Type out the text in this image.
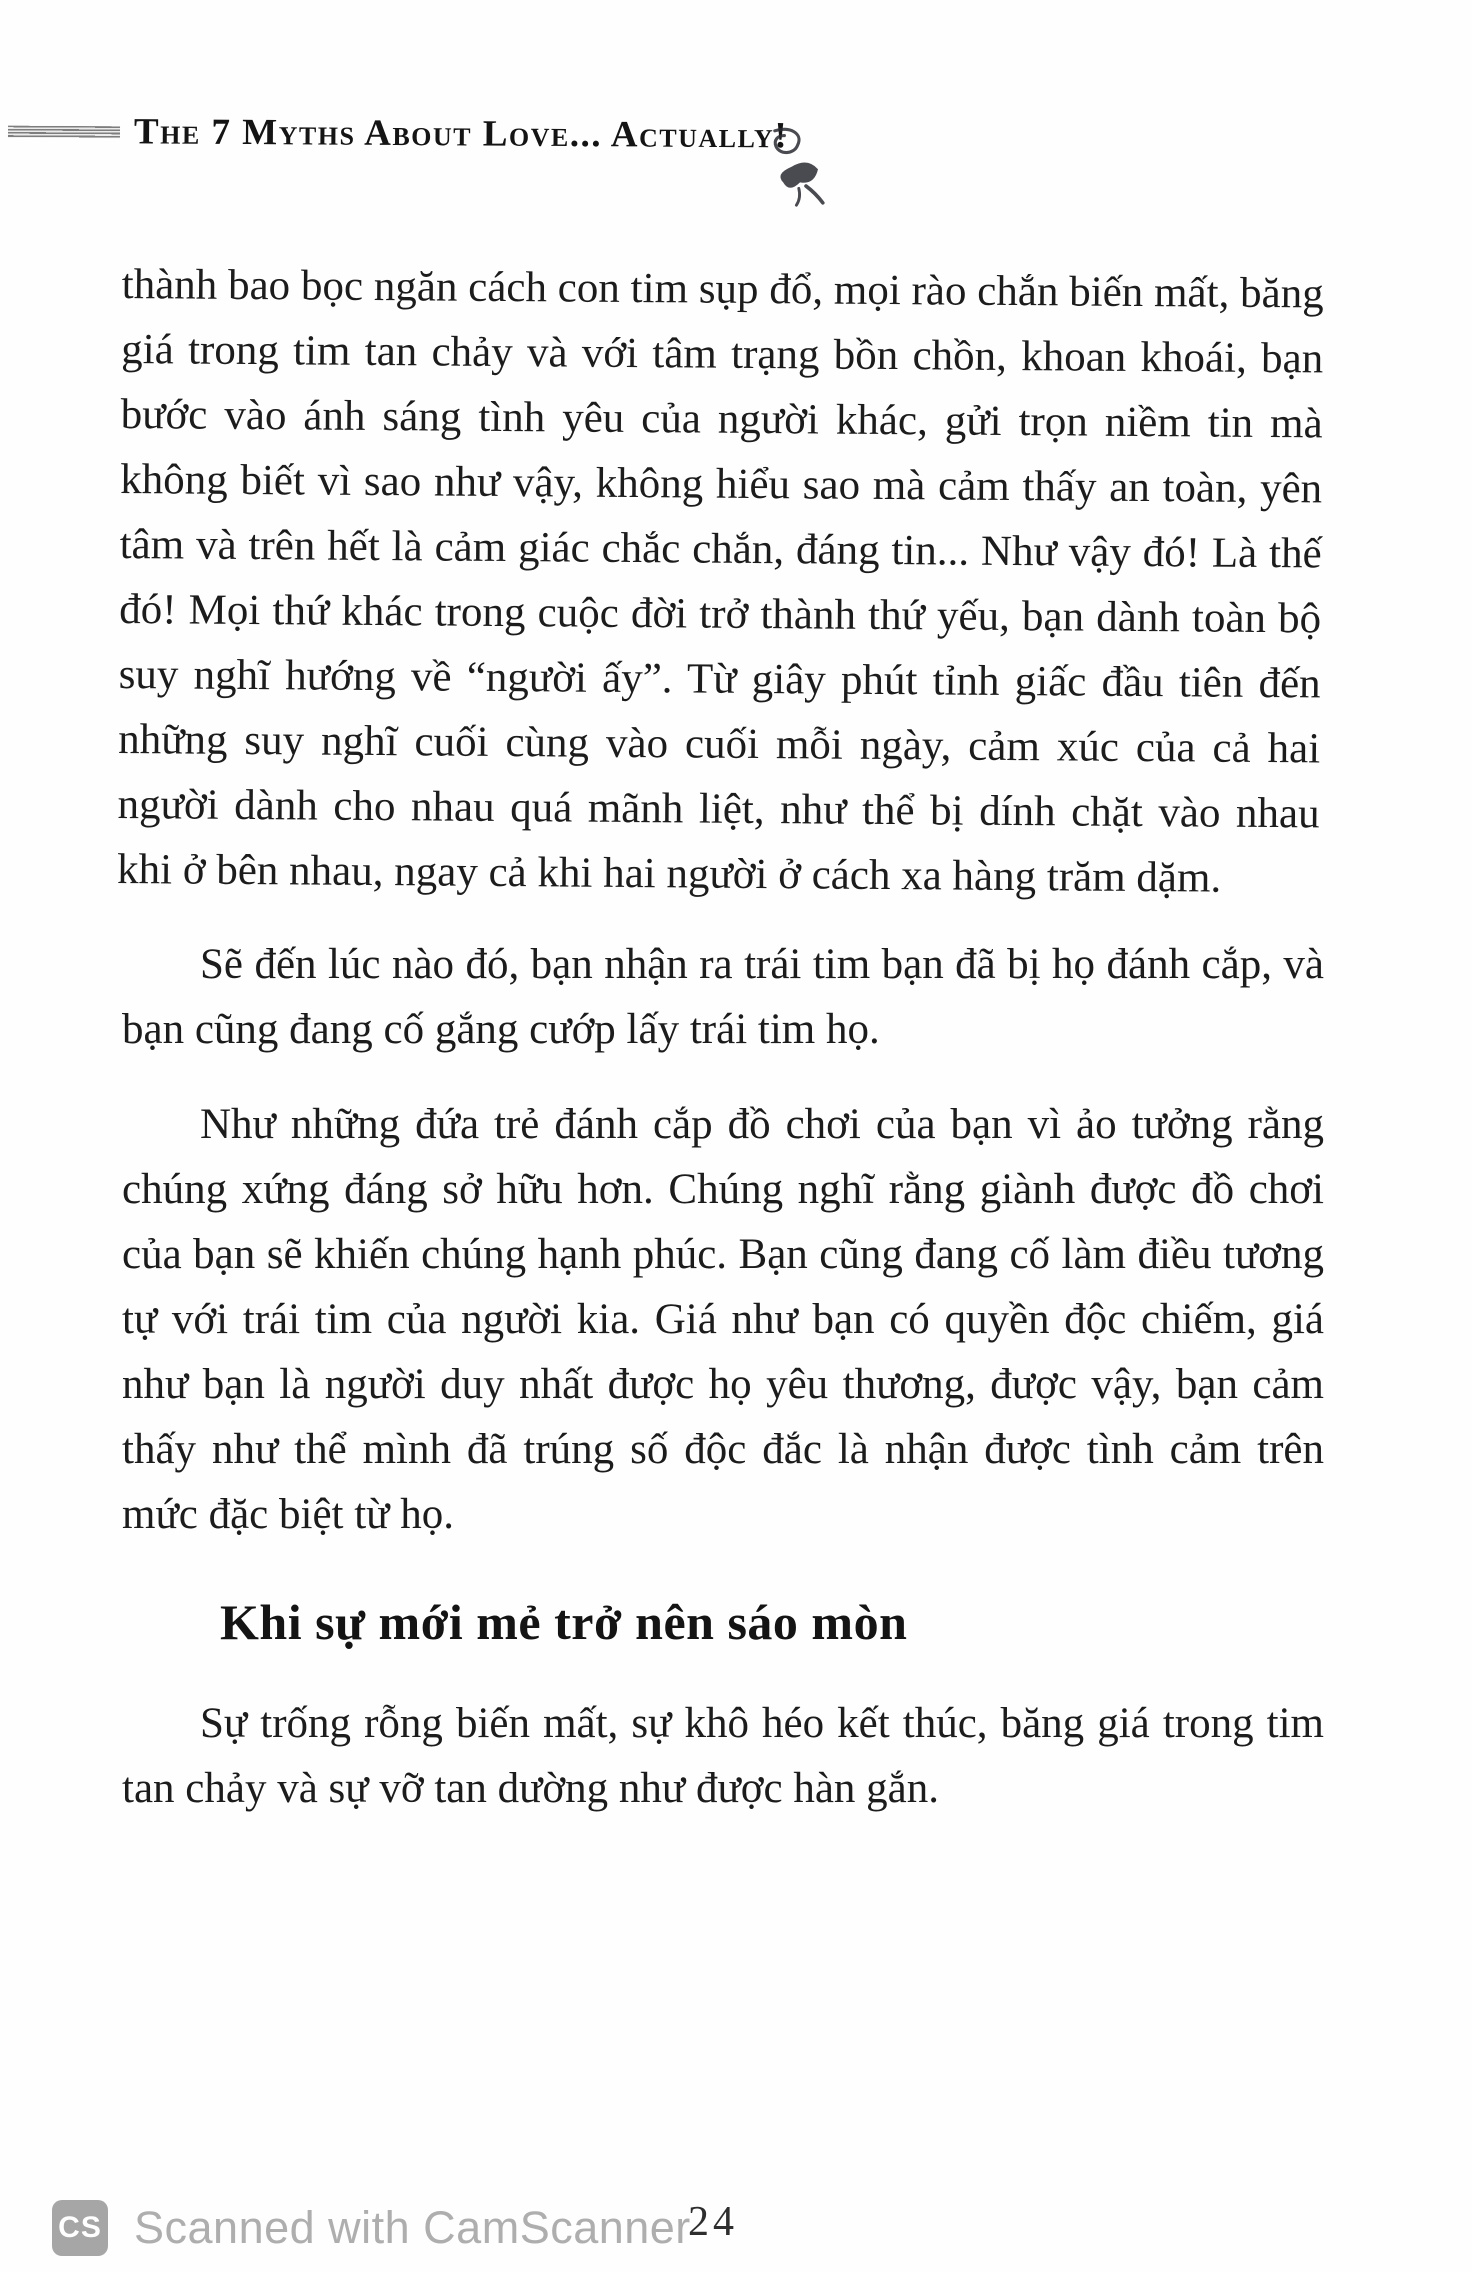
The 7 Myths About Love... Actually!

thành bao bọc ngăn cách con tim sụp đổ, mọi rào chắn biến mất, băng giá trong tim tan chảy và với tâm trạng bồn chồn, khoan khoái, bạn bước vào ánh sáng tình yêu của người khác, gửi trọn niềm tin mà không biết vì sao như vậy, không hiểu sao mà cảm thấy an toàn, yên tâm và trên hết là cảm giác chắc chắn, đáng tin... Như vậy đó! Là thế đó! Mọi thứ khác trong cuộc đời trở thành thứ yếu, bạn dành toàn bộ suy nghĩ hướng về “người ấy”. Từ giây phút tỉnh giấc đầu tiên đến những suy nghĩ cuối cùng vào cuối mỗi ngày, cảm xúc của cả hai người dành cho nhau quá mãnh liệt, như thể bị dính chặt vào nhau khi ở bên nhau, ngay cả khi hai người ở cách xa hàng trăm dặm.

Sẽ đến lúc nào đó, bạn nhận ra trái tim bạn đã bị họ đánh cắp, và bạn cũng đang cố gắng cướp lấy trái tim họ.

Như những đứa trẻ đánh cắp đồ chơi của bạn vì ảo tưởng rằng chúng xứng đáng sở hữu hơn. Chúng nghĩ rằng giành được đồ chơi của bạn sẽ khiến chúng hạnh phúc. Bạn cũng đang cố làm điều tương tự với trái tim của người kia. Giá như bạn có quyền độc chiếm, giá như bạn là người duy nhất được họ yêu thương, được vậy, bạn cảm thấy như thể mình đã trúng số độc đắc là nhận được tình cảm trên mức đặc biệt từ họ.

Khi sự mới mẻ trở nên sáo mòn

Sự trống rỗng biến mất, sự khô héo kết thúc, băng giá trong tim tan chảy và sự vỡ tan dường như được hàn gắn.

24
CS Scanned with CamScanner
